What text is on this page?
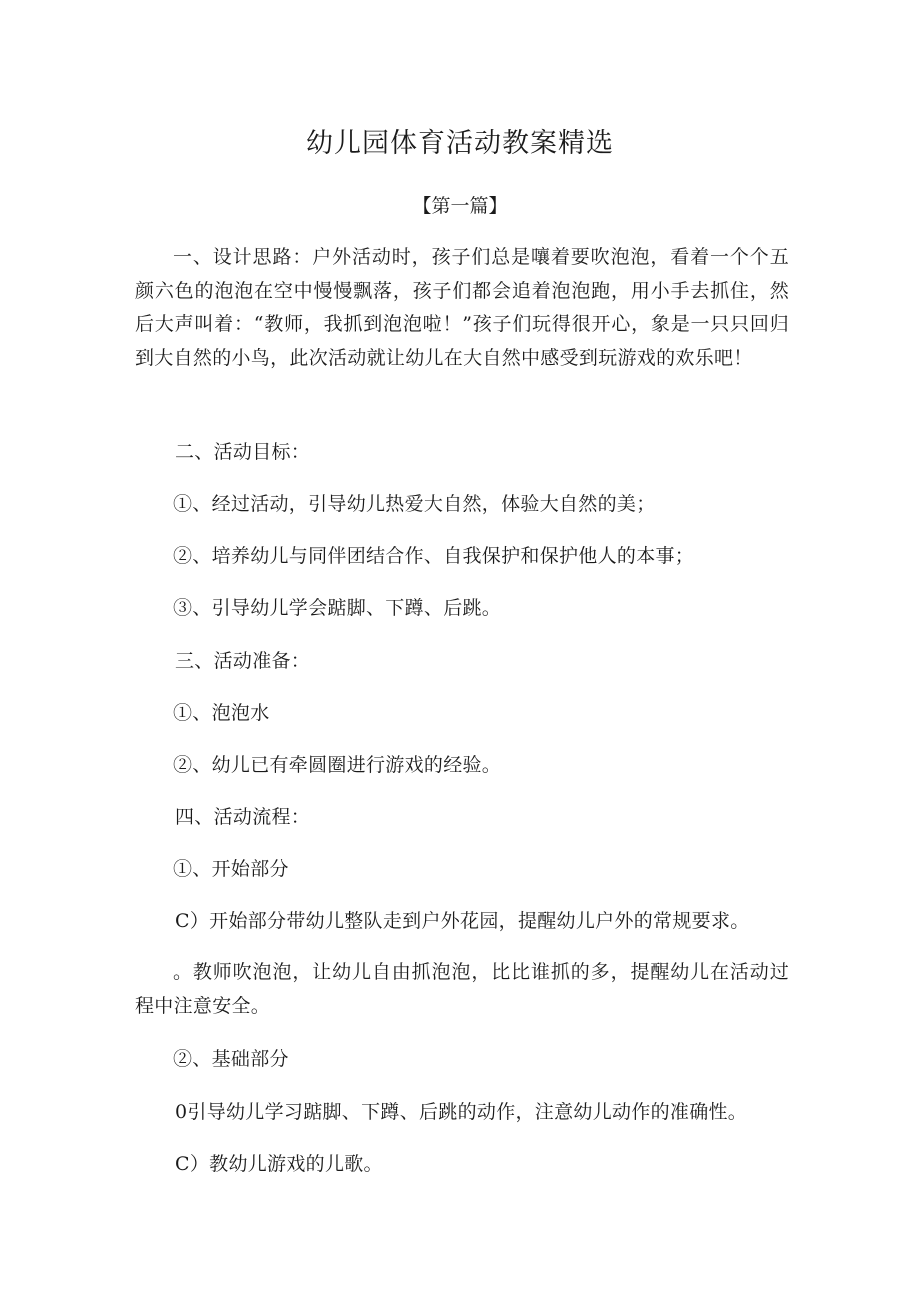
幼儿园体育活动教案精选
【第一篇】

一、设计思路：户外活动时，孩子们总是嚷着要吹泡泡，看着一个个五颜六色的泡泡在空中慢慢飘落，孩子们都会追着泡泡跑，用小手去抓住，然后大声叫着：“教师，我抓到泡泡啦！”孩子们玩得很开心，象是一只只回归到大自然的小鸟，此次活动就让幼儿在大自然中感受到玩游戏的欢乐吧！

二、活动目标：

①、经过活动，引导幼儿热爱大自然，体验大自然的美；

②、培养幼儿与同伴团结合作、自我保护和保护他人的本事；

③、引导幼儿学会踮脚、下蹲、后跳。

三、活动准备：

①、泡泡水

②、幼儿已有牵圆圈进行游戏的经验。

四、活动流程：

①、开始部分

C）开始部分带幼儿整队走到户外花园，提醒幼儿户外的常规要求。

。教师吹泡泡，让幼儿自由抓泡泡，比比谁抓的多，提醒幼儿在活动过程中注意安全。

②、基础部分

0引导幼儿学习踮脚、下蹲、后跳的动作，注意幼儿动作的准确性。

C）教幼儿游戏的儿歌。
